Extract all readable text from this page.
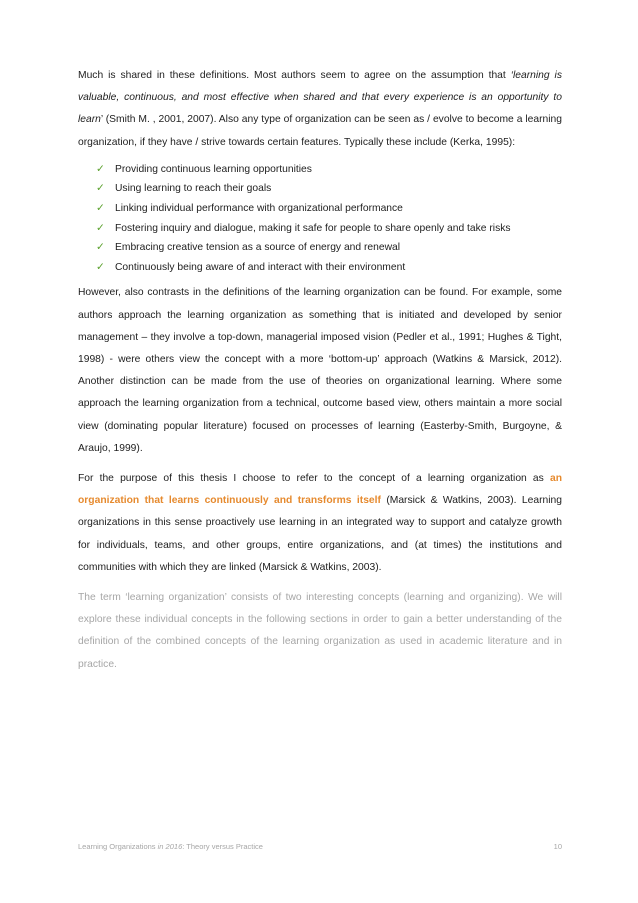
Much is shared in these definitions. Most authors seem to agree on the assumption that ‘learning is valuable, continuous, and most effective when shared and that every experience is an opportunity to learn’ (Smith M. , 2001, 2007). Also any type of organization can be seen as / evolve to become a learning organization, if they have / strive towards certain features. Typically these include (Kerka, 1995):

✓ Providing continuous learning opportunities
✓ Using learning to reach their goals
✓ Linking individual performance with organizational performance
✓ Fostering inquiry and dialogue, making it safe for people to share openly and take risks
✓ Embracing creative tension as a source of energy and renewal
✓ Continuously being aware of and interact with their environment

However, also contrasts in the definitions of the learning organization can be found. For example, some authors approach the learning organization as something that is initiated and developed by senior management – they involve a top-down, managerial imposed vision (Pedler et al., 1991; Hughes & Tight, 1998) - were others view the concept with a more ‘bottom-up’ approach (Watkins & Marsick, 2012). Another distinction can be made from the use of theories on organizational learning. Where some approach the learning organization from a technical, outcome based view, others maintain a more social view (dominating popular literature) focused on processes of learning (Easterby-Smith, Burgoyne, & Araujo, 1999).

For the purpose of this thesis I choose to refer to the concept of a learning organization as an organization that learns continuously and transforms itself (Marsick & Watkins, 2003). Learning organizations in this sense proactively use learning in an integrated way to support and catalyze growth for individuals, teams, and other groups, entire organizations, and (at times) the institutions and communities with which they are linked (Marsick & Watkins, 2003).

The term ‘learning organization’ consists of two interesting concepts (learning and organizing). We will explore these individual concepts in the following sections in order to gain a better understanding of the definition of the combined concepts of the learning organization as used in academic literature and in practice.

Learning Organizations in 2016: Theory versus Practice	10
